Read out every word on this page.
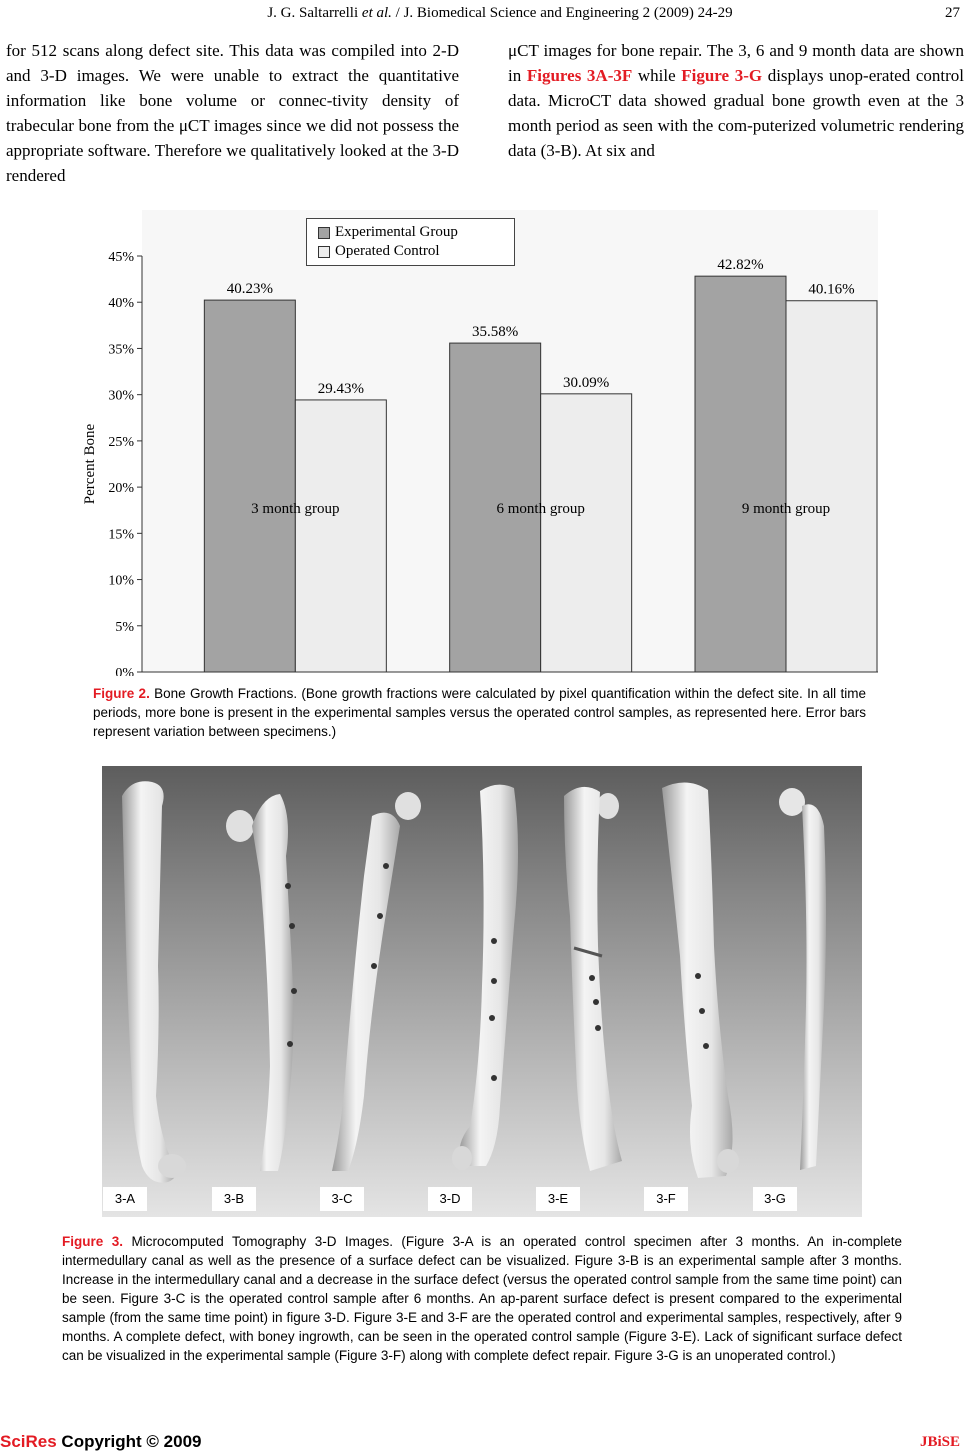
J. G. Saltarrelli et al. / J. Biomedical Science and Engineering 2 (2009) 24-29	27
for 512 scans along defect site. This data was compiled into 2-D and 3-D images. We were unable to extract the quantitative information like bone volume or connec-tivity density of trabecular bone from the μCT images since we did not possess the appropriate software. Therefore we qualitatively looked at the 3-D rendered
μCT images for bone repair. The 3, 6 and 9 month data are shown in Figures 3A-3F while Figure 3-G displays unop-erated control data. MicroCT data showed gradual bone growth even at the 3 month period as seen with the com-puterized volumetric rendering data (3-B). At six and
0%
5%
10%
15%
20%
25%
30%
35%
40%
45%
Percent Bone
40.23%
29.43%
3 month group
35.58%
30.09%
6 month group
42.82%
40.16%
9 month group
Experimental Group
Operated Control
Figure 2. Bone Growth Fractions. (Bone growth fractions were calculated by pixel quantification within the defect site. In all time periods, more bone is present in the experimental samples versus the operated control samples, as represented here. Error bars represent variation between specimens.)
3-A	3-B	3-C	3-D	3-E	3-F	3-G
Figure 3. Microcomputed Tomography 3-D Images. (Figure 3-A is an operated control specimen after 3 months. An in-complete intermedullary canal as well as the presence of a surface defect can be visualized. Figure 3-B is an experimental sample after 3 months. Increase in the intermedullary canal and a decrease in the surface defect (versus the operated control sample from the same time point) can be seen. Figure 3-C is the operated control sample after 6 months. An ap-parent surface defect is present compared to the experimental sample (from the same time point) in figure 3-D. Figure 3-E and 3-F are the operated control and experimental samples, respectively, after 9 months. A complete defect, with boney ingrowth, can be seen in the operated control sample (Figure 3-E). Lack of significant surface defect can be visualized in the experimental sample (Figure 3-F) along with complete defect repair. Figure 3-G is an unoperated control.)
SciRes Copyright © 2009	JBiSE
